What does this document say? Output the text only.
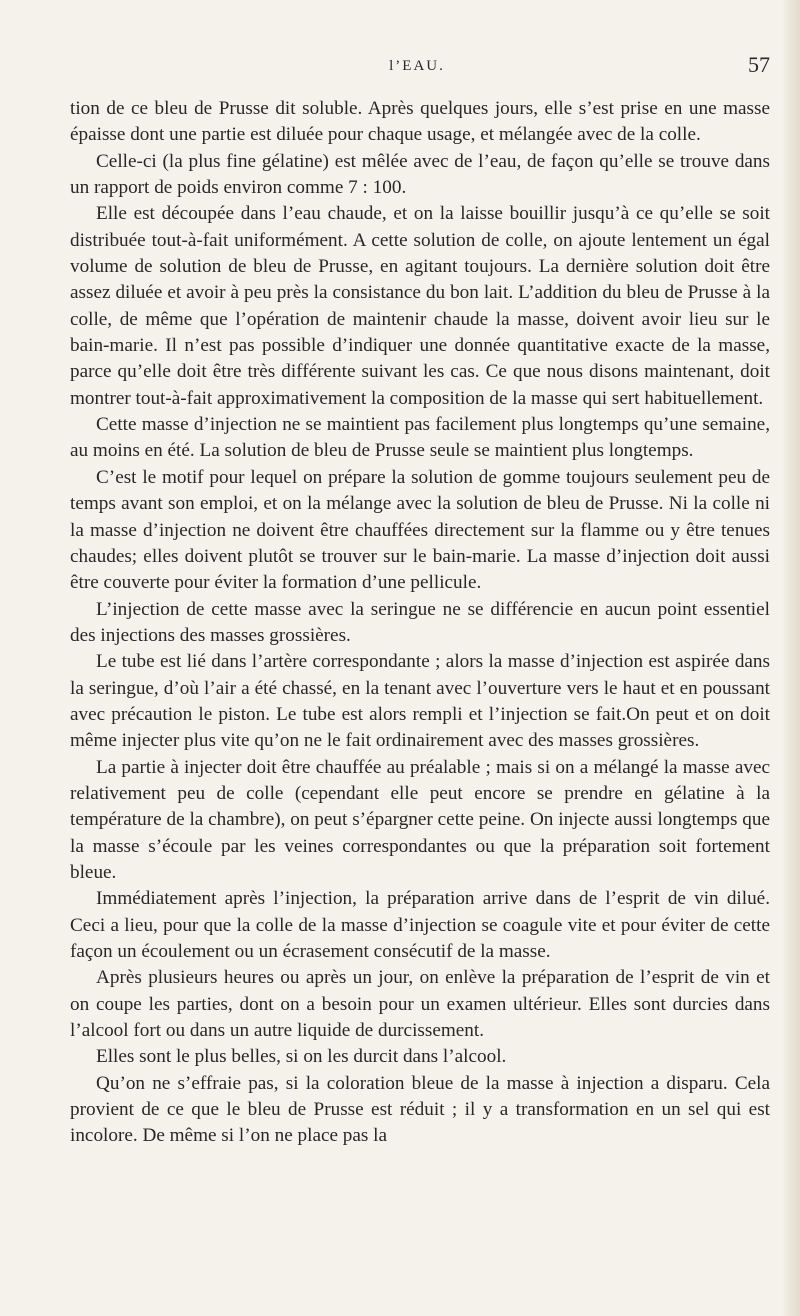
l’EAU.	57

tion de ce bleu de Prusse dit soluble. Après quelques jours, elle s’est prise en une masse épaisse dont une partie est diluée pour chaque usage, et mélangée avec de la colle.

Celle-ci (la plus fine gélatine) est mêlée avec de l’eau, de façon qu’elle se trouve dans un rapport de poids environ comme 7 : 100.

Elle est découpée dans l’eau chaude, et on la laisse bouillir jusqu’à ce qu’elle se soit distribuée tout-à-fait uniformément. A cette solution de colle, on ajoute lentement un égal volume de solution de bleu de Prusse, en agitant toujours. La dernière solution doit être assez diluée et avoir à peu près la consistance du bon lait. L’addition du bleu de Prusse à la colle, de même que l’opération de maintenir chaude la masse, doivent avoir lieu sur le bain-marie. Il n’est pas possible d’indiquer une donnée quantitative exacte de la masse, parce qu’elle doit être très différente suivant les cas. Ce que nous disons maintenant, doit montrer tout-à-fait approximativement la composition de la masse qui sert habituellement.

Cette masse d’injection ne se maintient pas facilement plus longtemps qu’une semaine, au moins en été. La solution de bleu de Prusse seule se maintient plus longtemps.

C’est le motif pour lequel on prépare la solution de gomme toujours seulement peu de temps avant son emploi, et on la mélange avec la solution de bleu de Prusse. Ni la colle ni la masse d’injection ne doivent être chauffées directement sur la flamme ou y être tenues chaudes; elles doivent plutôt se trouver sur le bain-marie. La masse d’injection doit aussi être couverte pour éviter la formation d’une pellicule.

L’injection de cette masse avec la seringue ne se différencie en aucun point essentiel des injections des masses grossières.

Le tube est lié dans l’artère correspondante ; alors la masse d’injection est aspirée dans la seringue, d’où l’air a été chassé, en la tenant avec l’ouverture vers le haut et en poussant avec précaution le piston. Le tube est alors rempli et l’injection se fait.On peut et on doit même injecter plus vite qu’on ne le fait ordinairement avec des masses grossières.

La partie à injecter doit être chauffée au préalable ; mais si on a mélangé la masse avec relativement peu de colle (cependant elle peut encore se prendre en gélatine à la température de la chambre), on peut s’épargner cette peine. On injecte aussi longtemps que la masse s’écoule par les veines correspondantes ou que la préparation soit fortement bleue.

Immédiatement après l’injection, la préparation arrive dans de l’esprit de vin dilué. Ceci a lieu, pour que la colle de la masse d’injection se coagule vite et pour éviter de cette façon un écoulement ou un écrasement consécutif de la masse.

Après plusieurs heures ou après un jour, on enlève la préparation de l’esprit de vin et on coupe les parties, dont on a besoin pour un examen ultérieur. Elles sont durcies dans l’alcool fort ou dans un autre liquide de durcissement.

Elles sont le plus belles, si on les durcit dans l’alcool.

Qu’on ne s’effraie pas, si la coloration bleue de la masse à injection a disparu. Cela provient de ce que le bleu de Prusse est réduit ; il y a transformation en un sel qui est incolore. De même si l’on ne place pas la
